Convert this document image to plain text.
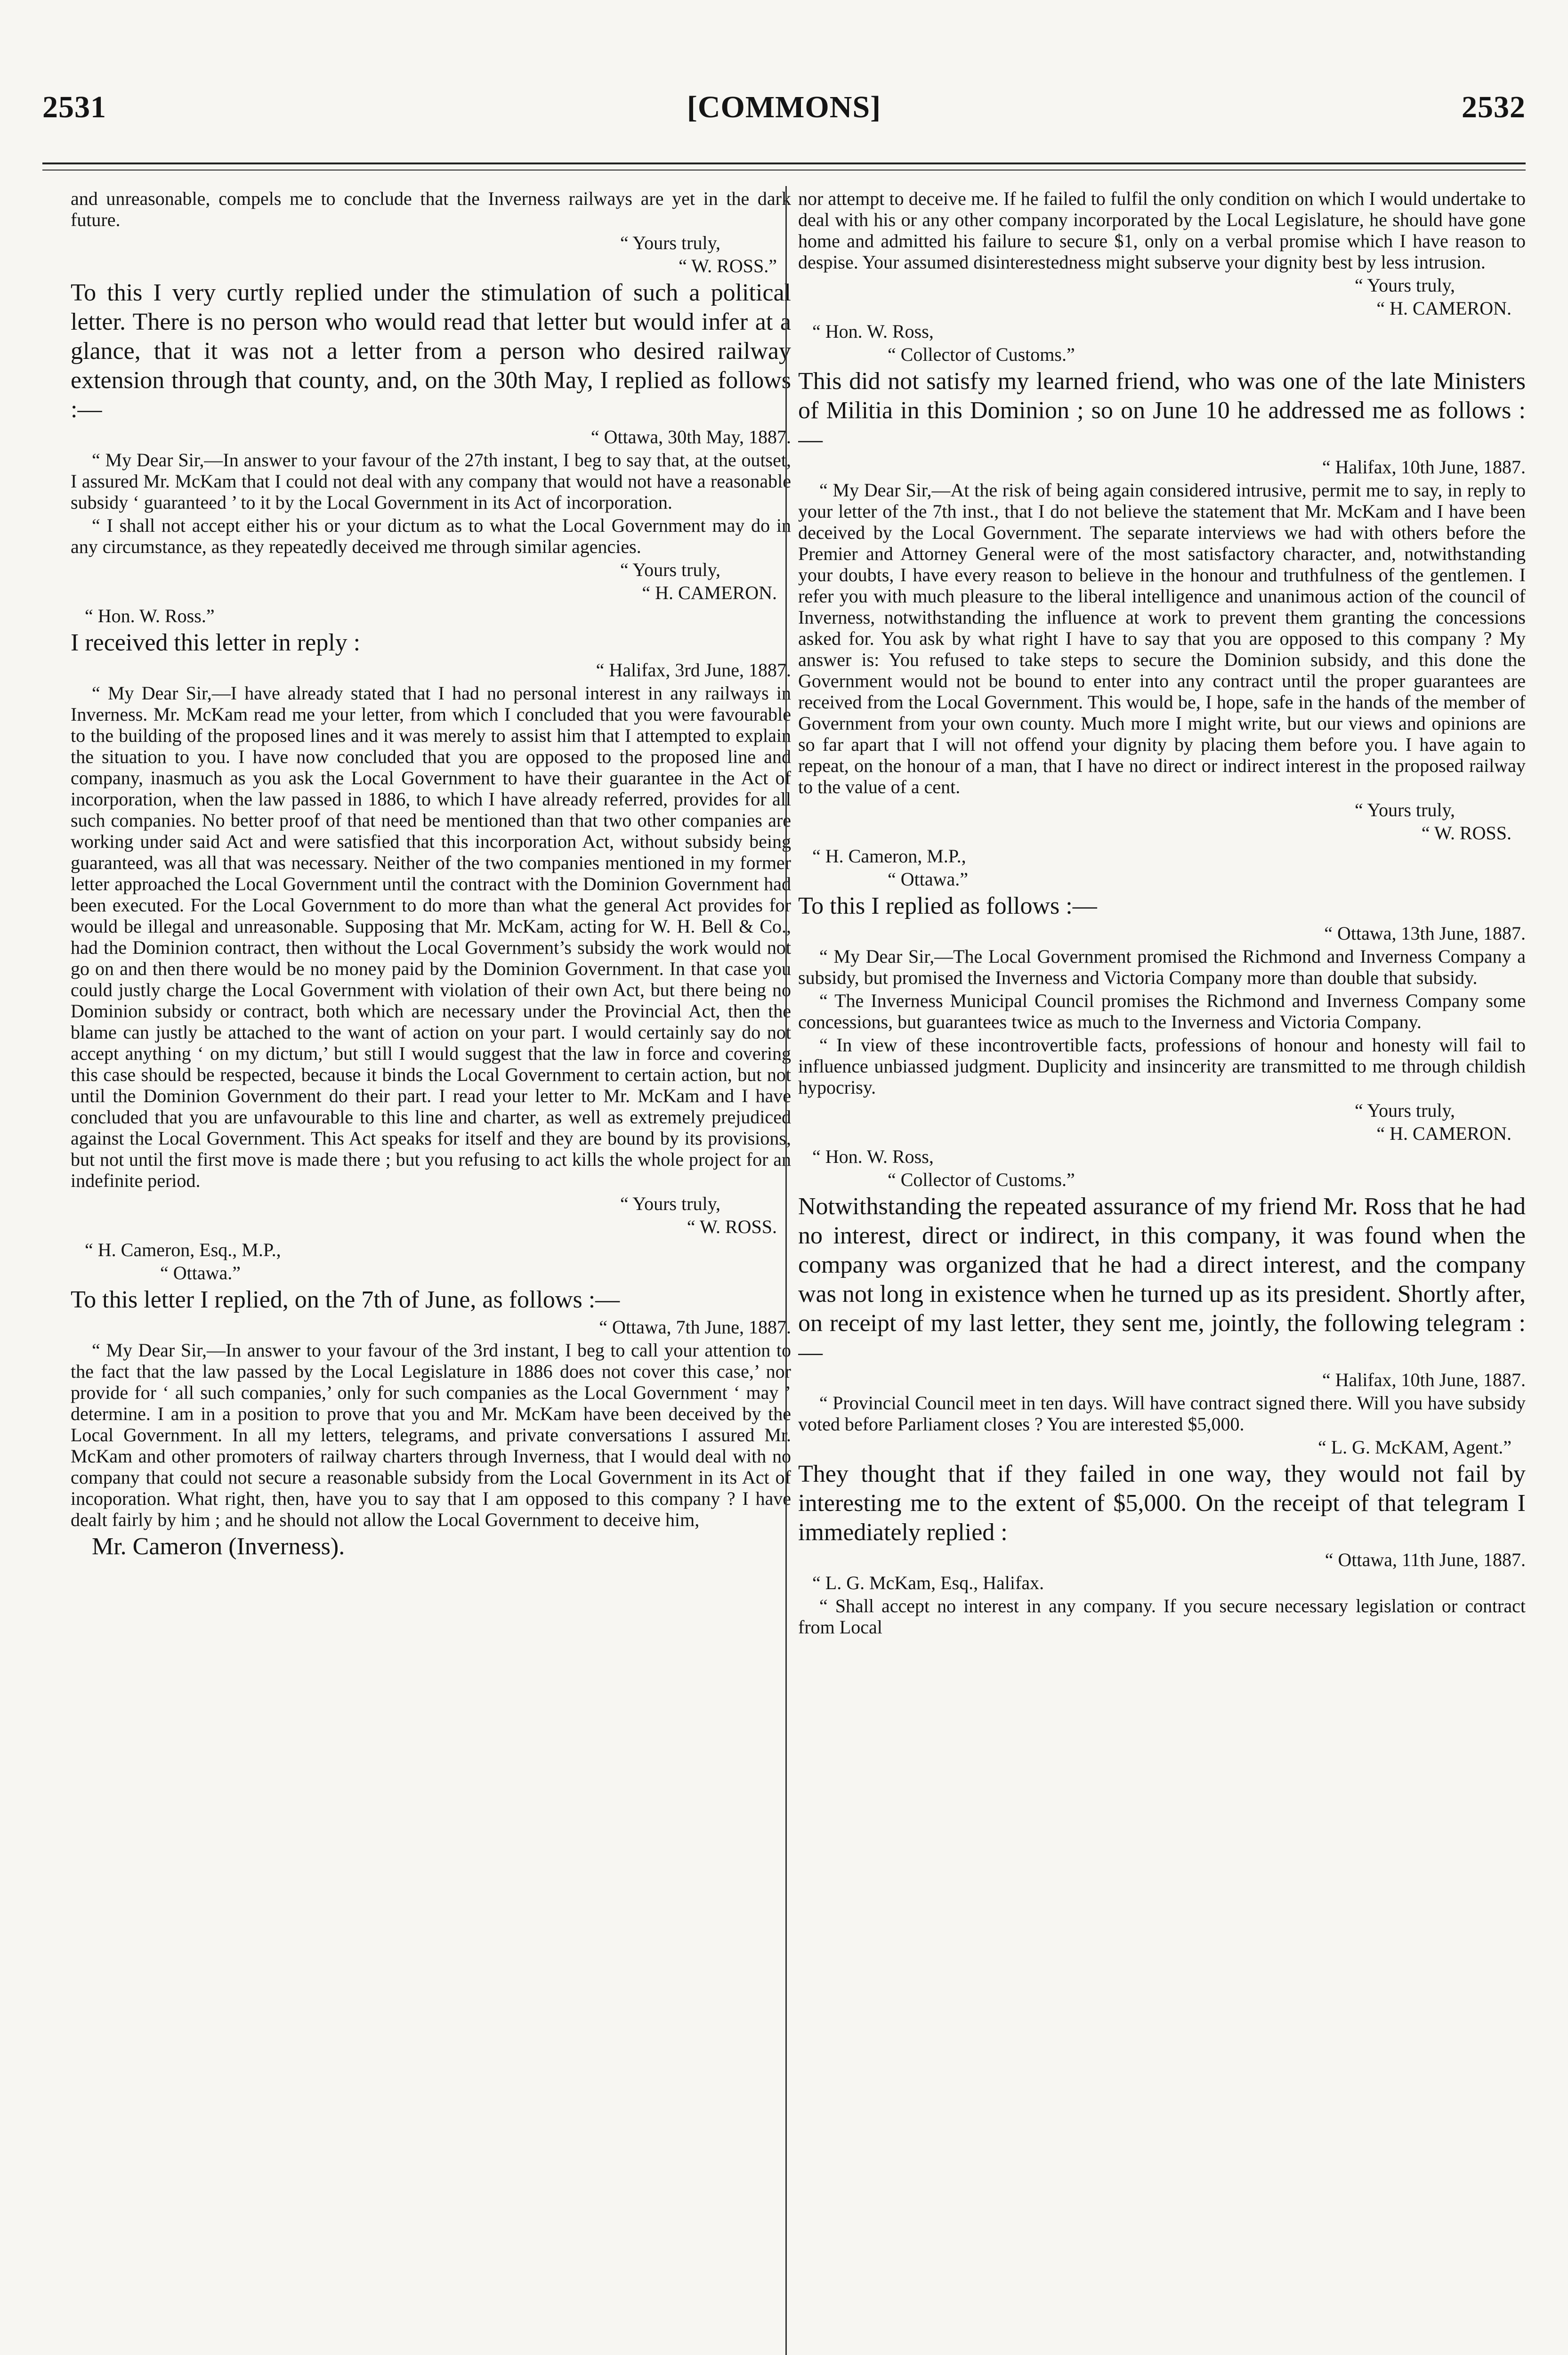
2531	[COMMONS]	2532

and unreasonable, compels me to conclude that the Inverness railways are yet in the dark future.

“ Yours truly,

“ W. ROSS.”

To this I very curtly replied under the stimulation of such a political letter. There is no person who would read that letter but would infer at a glance, that it was not a letter from a person who desired railway extension through that county, and, on the 30th May, I replied as follows :—

“ Ottawa, 30th May, 1887.

“ My Dear Sir,—In answer to your favour of the 27th instant, I beg to say that, at the outset, I assured Mr. McKam that I could not deal with any company that would not have a reasonable subsidy ‘ guaranteed ’ to it by the Local Government in its Act of incorporation.

“ I shall not accept either his or your dictum as to what the Local Government may do in any circumstance, as they repeatedly deceived me through similar agencies.

“ Yours truly,

“ H. CAMERON.

“ Hon. W. Ross.”

I received this letter in reply :

“ Halifax, 3rd June, 1887.

“ My Dear Sir,—I have already stated that I had no personal interest in any railways in Inverness. Mr. McKam read me your letter, from which I concluded that you were favourable to the building of the proposed lines and it was merely to assist him that I attempted to explain the situation to you. I have now concluded that you are opposed to the proposed line and company, inasmuch as you ask the Local Government to have their guarantee in the Act of incorporation, when the law passed in 1886, to which I have already referred, provides for all such companies. No better proof of that need be mentioned than that two other companies are working under said Act and were satisfied that this incorporation Act, without subsidy being guaranteed, was all that was necessary. Neither of the two companies mentioned in my former letter approached the Local Government until the contract with the Dominion Government had been executed. For the Local Government to do more than what the general Act provides for would be illegal and unreasonable. Supposing that Mr. McKam, acting for W. H. Bell & Co., had the Dominion contract, then without the Local Government’s subsidy the work would not go on and then there would be no money paid by the Dominion Government. In that case you could justly charge the Local Government with violation of their own Act, but there being no Dominion subsidy or contract, both which are necessary under the Provincial Act, then the blame can justly be attached to the want of action on your part. I would certainly say do not accept anything ‘ on my dictum,’ but still I would suggest that the law in force and covering this case should be respected, because it binds the Local Government to certain action, but not until the Dominion Government do their part. I read your letter to Mr. McKam and I have concluded that you are unfavourable to this line and charter, as well as extremely prejudiced against the Local Government. This Act speaks for itself and they are bound by its provisions, but not until the first move is made there ; but you refusing to act kills the whole project for an indefinite period.

“ Yours truly,

“ W. ROSS.

“ H. Cameron, Esq., M.P.,

“ Ottawa.”

To this letter I replied, on the 7th of June, as follows :—

“ Ottawa, 7th June, 1887.

“ My Dear Sir,—In answer to your favour of the 3rd instant, I beg to call your attention to the fact that the law passed by the Local Legislature in 1886 does not cover this case,’ nor provide for ‘ all such companies,’ only for such companies as the Local Government ‘ may ’ determine. I am in a position to prove that you and Mr. McKam have been deceived by the Local Government. In all my letters, telegrams, and private conversations I assured Mr. McKam and other promoters of railway charters through Inverness, that I would deal with no company that could not secure a reasonable subsidy from the Local Government in its Act of incoporation. What right, then, have you to say that I am opposed to this company ? I have dealt fairly by him ; and he should not allow the Local Government to deceive him,

Mr. Cameron (Inverness).

nor attempt to deceive me. If he failed to fulfil the only condition on which I would undertake to deal with his or any other company incorporated by the Local Legislature, he should have gone home and admitted his failure to secure $1, only on a verbal promise which I have reason to despise. Your assumed disinterestedness might subserve your dignity best by less intrusion.

“ Yours truly,

“ H. CAMERON.

“ Hon. W. Ross,

“ Collector of Customs.”

This did not satisfy my learned friend, who was one of the late Ministers of Militia in this Dominion ; so on June 10 he addressed me as follows :—

“ Halifax, 10th June, 1887.

“ My Dear Sir,—At the risk of being again considered intrusive, permit me to say, in reply to your letter of the 7th inst., that I do not believe the statement that Mr. McKam and I have been deceived by the Local Government. The separate interviews we had with others before the Premier and Attorney General were of the most satisfactory character, and, notwithstanding your doubts, I have every reason to believe in the honour and truthfulness of the gentlemen. I refer you with much pleasure to the liberal intelligence and unanimous action of the council of Inverness, notwithstanding the influence at work to prevent them granting the concessions asked for. You ask by what right I have to say that you are opposed to this company ? My answer is: You refused to take steps to secure the Dominion subsidy, and this done the Government would not be bound to enter into any contract until the proper guarantees are received from the Local Government. This would be, I hope, safe in the hands of the member of Government from your own county. Much more I might write, but our views and opinions are so far apart that I will not offend your dignity by placing them before you. I have again to repeat, on the honour of a man, that I have no direct or indirect interest in the proposed railway to the value of a cent.

“ Yours truly,

“ W. ROSS.

“ H. Cameron, M.P.,

“ Ottawa.”

To this I replied as follows :—

“ Ottawa, 13th June, 1887.

“ My Dear Sir,—The Local Government promised the Richmond and Inverness Company a subsidy, but promised the Inverness and Victoria Company more than double that subsidy.

“ The Inverness Municipal Council promises the Richmond and Inverness Company some concessions, but guarantees twice as much to the Inverness and Victoria Company.

“ In view of these incontrovertible facts, professions of honour and honesty will fail to influence unbiassed judgment. Duplicity and insincerity are transmitted to me through childish hypocrisy.

“ Yours truly,

“ H. CAMERON.

“ Hon. W. Ross,

“ Collector of Customs.”

Notwithstanding the repeated assurance of my friend Mr. Ross that he had no interest, direct or indirect, in this company, it was found when the company was organized that he had a direct interest, and the company was not long in existence when he turned up as its president. Shortly after, on receipt of my last letter, they sent me, jointly, the following telegram :—

“ Halifax, 10th June, 1887.

“ Provincial Council meet in ten days. Will have contract signed there. Will you have subsidy voted before Parliament closes ? You are interested $5,000.

“ L. G. McKAM, Agent.”

They thought that if they failed in one way, they would not fail by interesting me to the extent of $5,000. On the receipt of that telegram I immediately replied :

“ Ottawa, 11th June, 1887.

“ L. G. McKam, Esq., Halifax.

“ Shall accept no interest in any company. If you secure necessary legislation or contract from Local
